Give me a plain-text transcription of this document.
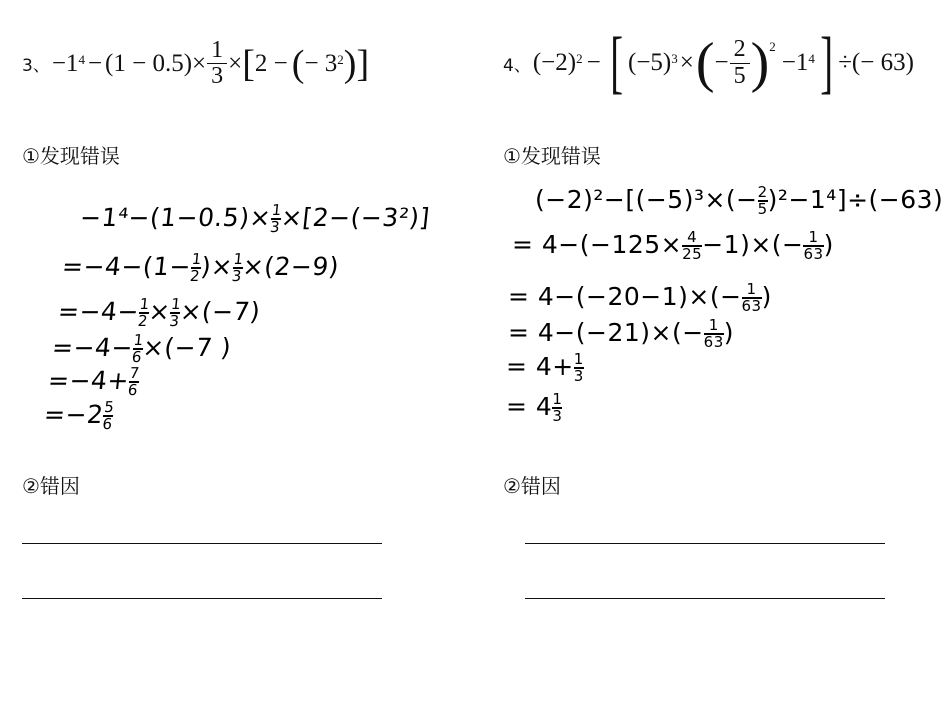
3、 $-1^4 - (1 - 0.5)\times \frac{1}{3}$ × [ 2 − ( − $3^2$ ) ]	4、 $(-2)^2$ − [ $(-5)^3$ × ( − $\frac{2}{5} )^2$
$-1^4$ ] ÷(− 63)
①发现错误	①发现错误
②错因	②错因
−1⁴−(1−0.5)×
$\frac{1}{3}$
×[2−(−3²)]
=−4−(1−
$\frac{1}{2}$
)×
$\frac{1}{3}$
×(2−9)
=−4−
$\frac{1}{2}$
×
$\frac{1}{3}$
×(−7)
=−4−
$\frac{1}{6}$
×(−7 )
=−4+
$\frac{7}{6}$
=−2
$\frac{5}{6}$
$(-2)^2-[(-5)^3\times(- \frac{2}{5} )^2-1^4]\div(-63)$
= $4-(-125\times \frac{4}{25} -1)\times(- \frac{1}{63}$ )
= $4-(-20-1)\times(- \frac{1}{63}$ )
= $4-(-21)\times(- \frac{1}{63}$ )
= $4+ \frac{1}{3}$
= $4 \frac{1}{3}$
